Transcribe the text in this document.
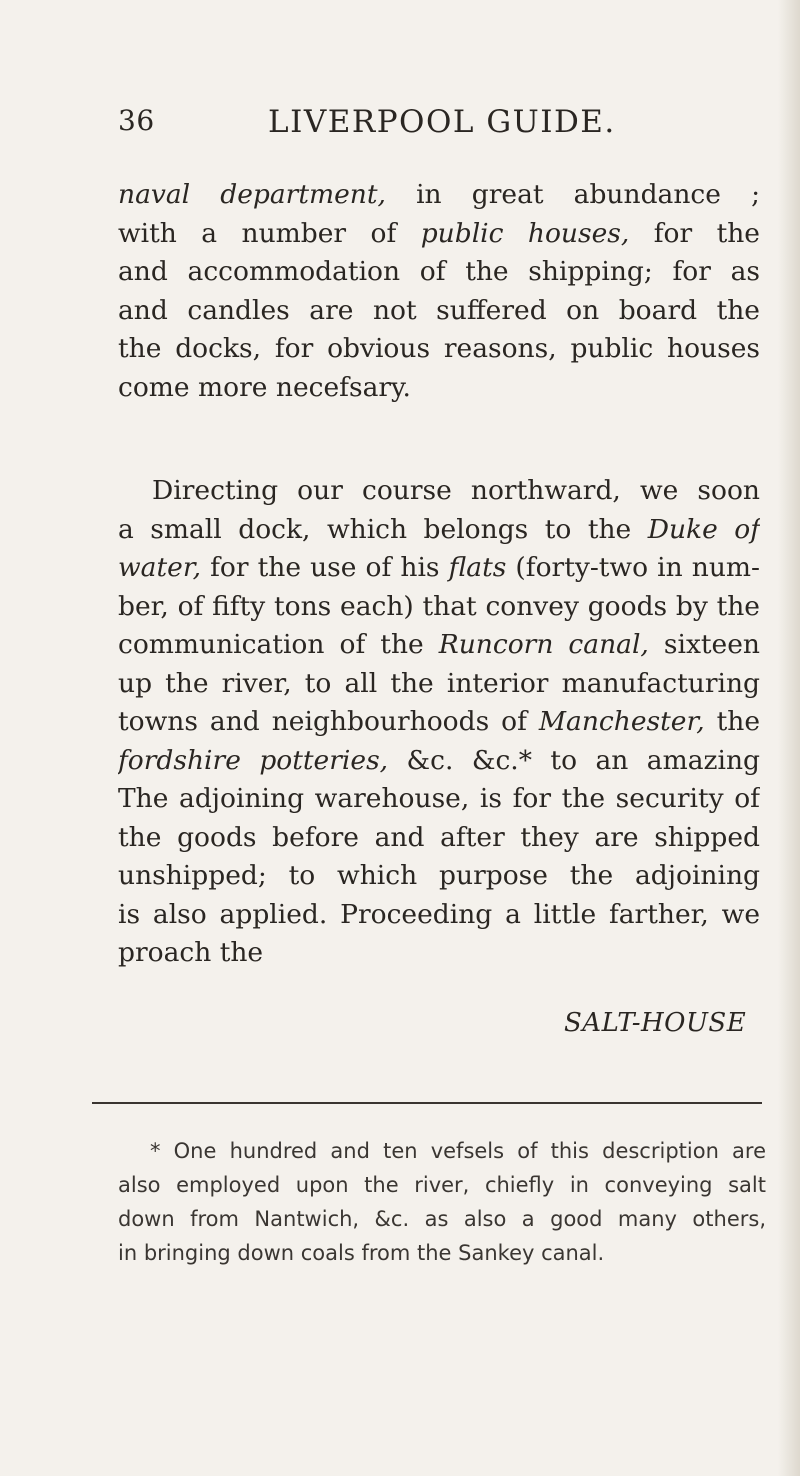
36	LIVERPOOL GUIDE.
naval department, in great abundance ;
with a number of public houses, for the
and accommodation of the shipping; for as
and candles are not suffered on board the
the docks, for obvious reasons, public houses
come more necefsary.
Directing our course northward, we soon
a small dock, which belongs to the Duke of
water, for the use of his flats (forty-two in num-
ber, of fifty tons each) that convey goods by the
communication of the Runcorn canal, sixteen
up the river, to all the interior manufacturing
towns and neighbourhoods of Manchester, the
fordshire potteries, &c. &c.* to an amazing
The adjoining warehouse, is for the security of
the goods before and after they are shipped
unshipped; to which purpose the adjoining
is also applied. Proceeding a little farther, we
proach the
SALT-HOUSE
* One hundred and ten vefsels of this description are
also employed upon the river, chiefly in conveying salt
down from Nantwich, &c. as also a good many others,
in bringing down coals from the Sankey canal.
